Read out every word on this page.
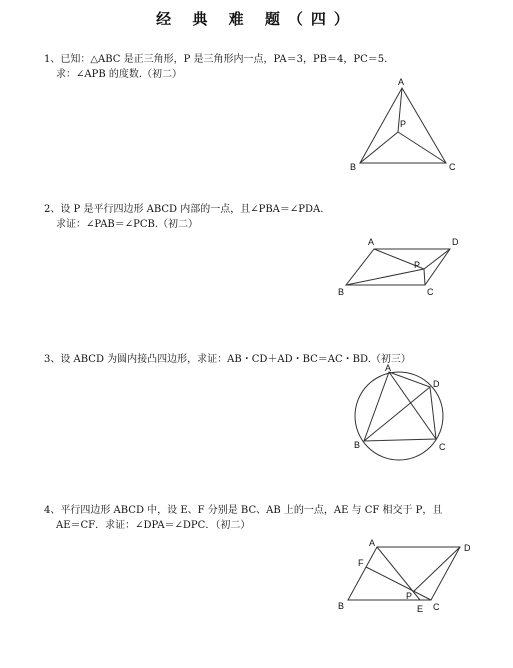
经 典 难 题（四）
1、已知：△ABC 是正三角形，P 是三角形内一点，PA＝3，PB＝4，PC＝5.
求：∠APB 的度数.（初二）
A
P
B	C
2、设 P 是平行四边形 ABCD 内部的一点，且∠PBA＝∠PDA.
求证：∠PAB＝∠PCB.（初二）
A	D
P
B	C
3、设 ABCD 为圆内接凸四边形，求证：AB・CD＋AD・BC＝AC・BD.（初三）
A
D
B	C
4、平行四边形 ABCD 中，设 E、F 分别是 BC、AB 上的一点，AE 与 CF 相交于 P，且
AE＝CF．求证：∠DPA＝∠DPC．（初二）
A	D
F
P
B	E C
